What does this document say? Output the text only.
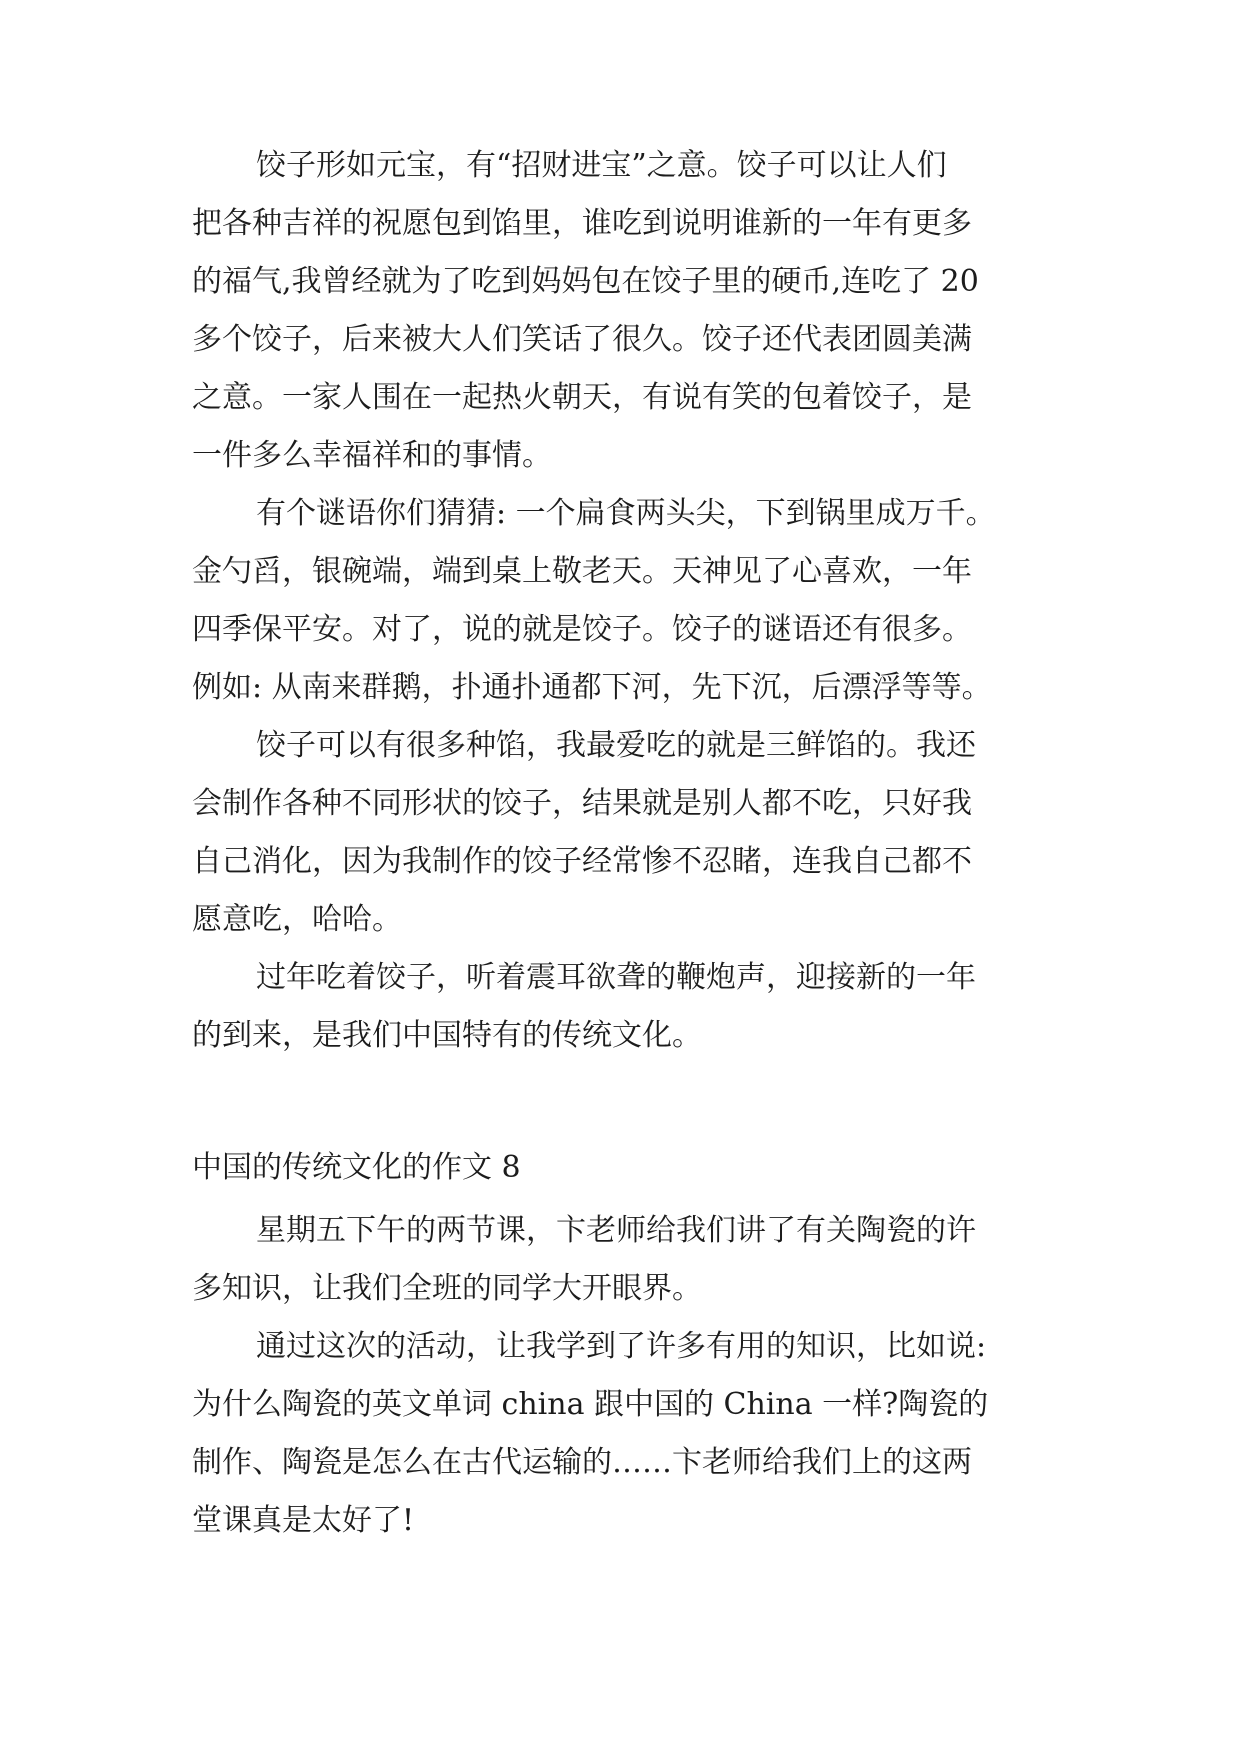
饺子形如元宝，有“招财进宝”之意。饺子可以让人们
把各种吉祥的祝愿包到馅里，谁吃到说明谁新的一年有更多
的福气,我曾经就为了吃到妈妈包在饺子里的硬币,连吃了 20
多个饺子，后来被大人们笑话了很久。饺子还代表团圆美满
之意。一家人围在一起热火朝天，有说有笑的包着饺子，是
一件多么幸福祥和的事情。
有个谜语你们猜猜: 一个扁食两头尖，下到锅里成万千。
金勺舀，银碗端，端到桌上敬老天。天神见了心喜欢，一年
四季保平安。对了，说的就是饺子。饺子的谜语还有很多。
例如: 从南来群鹅，扑通扑通都下河，先下沉，后漂浮等等。
饺子可以有很多种馅，我最爱吃的就是三鲜馅的。我还
会制作各种不同形状的饺子，结果就是别人都不吃，只好我
自己消化，因为我制作的饺子经常惨不忍睹，连我自己都不
愿意吃，哈哈。
过年吃着饺子，听着震耳欲聋的鞭炮声，迎接新的一年
的到来，是我们中国特有的传统文化。
中国的传统文化的作文 8
星期五下午的两节课，卞老师给我们讲了有关陶瓷的许
多知识，让我们全班的同学大开眼界。
通过这次的活动，让我学到了许多有用的知识，比如说:
为什么陶瓷的英文单词 china 跟中国的 China 一样?陶瓷的
制作、陶瓷是怎么在古代运输的……卞老师给我们上的这两
堂课真是太好了!
